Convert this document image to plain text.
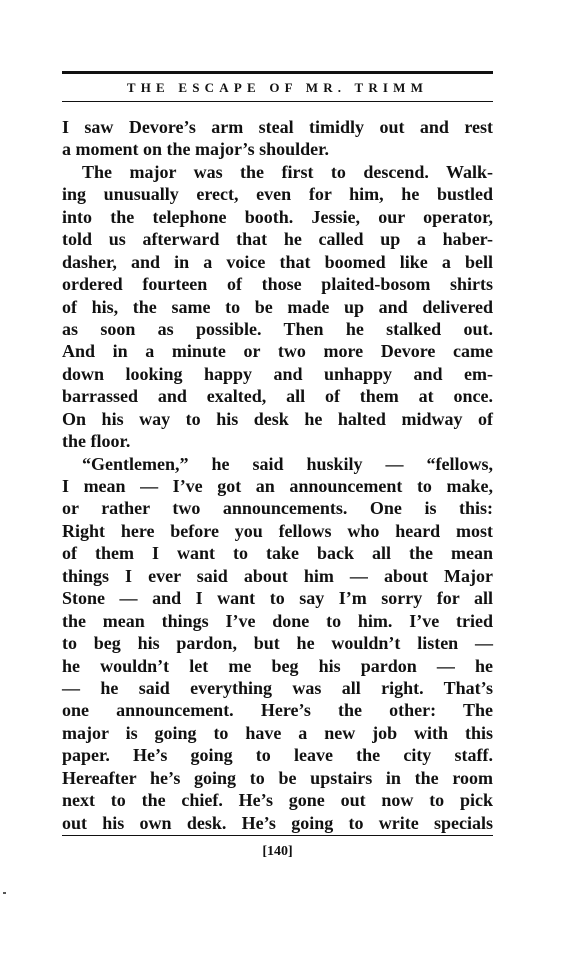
THE ESCAPE OF MR. TRIMM
I saw Devore’s arm steal timidly out and rest
a moment on the major’s shoulder.
The major was the first to descend. Walk-
ing unusually erect, even for him, he bustled
into the telephone booth. Jessie, our operator,
told us afterward that he called up a haber-
dasher, and in a voice that boomed like a bell
ordered fourteen of those plaited-bosom shirts
of his, the same to be made up and delivered
as soon as possible. Then he stalked out.
And in a minute or two more Devore came
down looking happy and unhappy and em-
barrassed and exalted, all of them at once.
On his way to his desk he halted midway of
the floor.
“Gentlemen,” he said huskily — “fellows,
I mean — I’ve got an announcement to make,
or rather two announcements. One is this:
Right here before you fellows who heard most
of them I want to take back all the mean
things I ever said about him — about Major
Stone — and I want to say I’m sorry for all
the mean things I’ve done to him. I’ve tried
to beg his pardon, but he wouldn’t listen —
he wouldn’t let me beg his pardon — he
— he said everything was all right. That’s
one announcement. Here’s the other: The
major is going to have a new job with this
paper. He’s going to leave the city staff.
Hereafter he’s going to be upstairs in the room
next to the chief. He’s gone out now to pick
out his own desk. He’s going to write specials
[140]
